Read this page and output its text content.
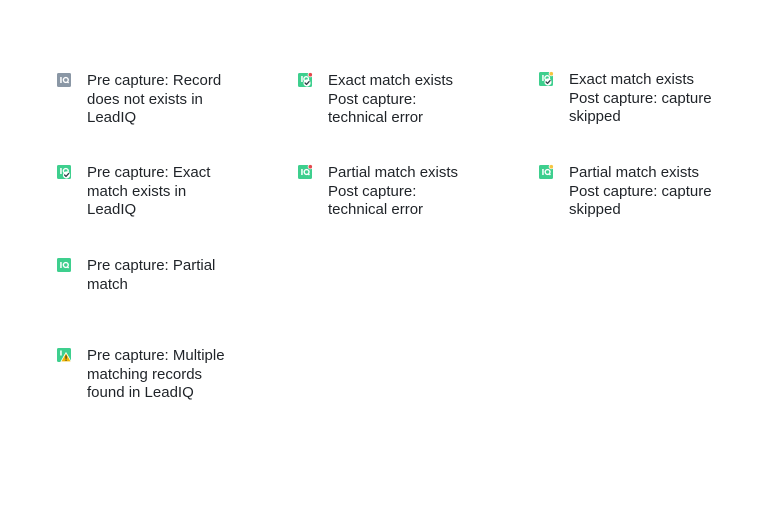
Pre capture: Record
does not exists in
LeadIQ
Pre capture: Exact
match exists in
LeadIQ
Pre capture: Partial
match
Pre capture: Multiple
matching records
found in LeadIQ
Exact match exists
Post capture:
technical error
Partial match exists
Post capture:
technical error
Exact match exists
Post capture: capture
skipped
Partial match exists
Post capture: capture
skipped
